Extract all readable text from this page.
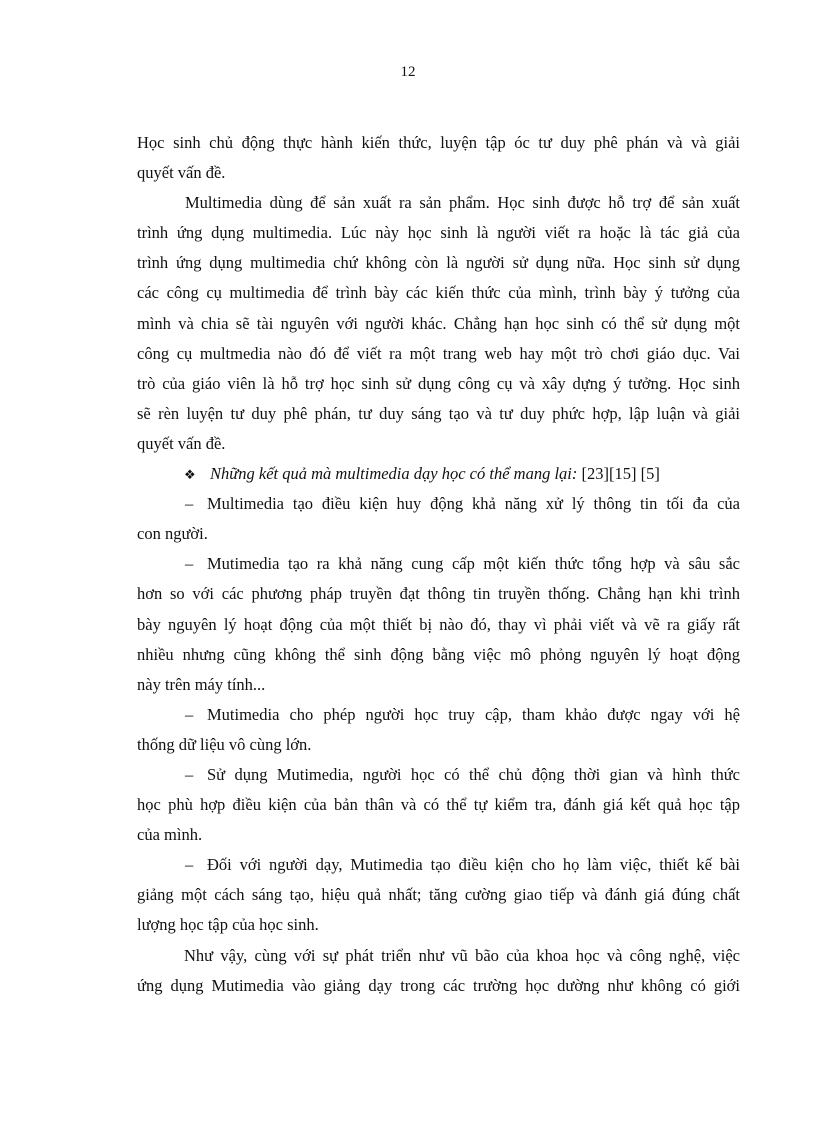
12
Học sinh chủ động thực hành kiến thức, luyện tập óc tư duy phê phán và và giải
quyết vấn đề.
Multimedia dùng để sản xuất ra sản phẩm. Học sinh được hỗ trợ để sản xuất
trình ứng dụng multimedia. Lúc này học sinh là người viết ra hoặc là tác giả của
trình ứng dụng multimedia chứ không còn là người sử dụng nữa. Học sinh sử dụng
các công cụ multimedia để trình bày các kiến thức của mình, trình bày ý tưởng của
mình và chia sẽ tài nguyên với người khác. Chẳng hạn học sinh có thể sử dụng một
công cụ multmedia nào đó để viết ra một trang web hay một trò chơi giáo dục. Vai
trò của giáo viên là hỗ trợ học sinh sử dụng công cụ và xây dựng ý tưởng. Học sinh
sẽ rèn luyện tư duy phê phán, tư duy sáng tạo và tư duy phức hợp, lập luận và giải
quyết vấn đề.
❖ Những kết quả mà multimedia dạy học có thể mang lại: [23][15] [5]
– Multimedia tạo điều kiện huy động khả năng xử lý thông tin tối đa của
con người.
– Mutimedia tạo ra khả năng cung cấp một kiến thức tổng hợp và sâu sắc
hơn so với các phương pháp truyền đạt thông tin truyền thống. Chẳng hạn khi trình
bày nguyên lý hoạt động của một thiết bị nào đó, thay vì phải viết và vẽ ra giấy rất
nhiều nhưng cũng không thể sinh động bằng việc mô phỏng nguyên lý hoạt động
này trên máy tính...
– Mutimedia cho phép người học truy cập, tham khảo được ngay với hệ
thống dữ liệu vô cùng lớn.
– Sử dụng Mutimedia, người học có thể chủ động thời gian và hình thức
học phù hợp điều kiện của bản thân và có thể tự kiểm tra, đánh giá kết quả học tập
của mình.
– Đối với người dạy, Mutimedia tạo điều kiện cho họ làm việc, thiết kế bài
giảng một cách sáng tạo, hiệu quả nhất; tăng cường giao tiếp và đánh giá đúng chất
lượng học tập của học sinh.
Như vậy, cùng với sự phát triển như vũ bão của khoa học và công nghệ, việc
ứng dụng Mutimedia vào giảng dạy trong các trường học dường như không có giới
